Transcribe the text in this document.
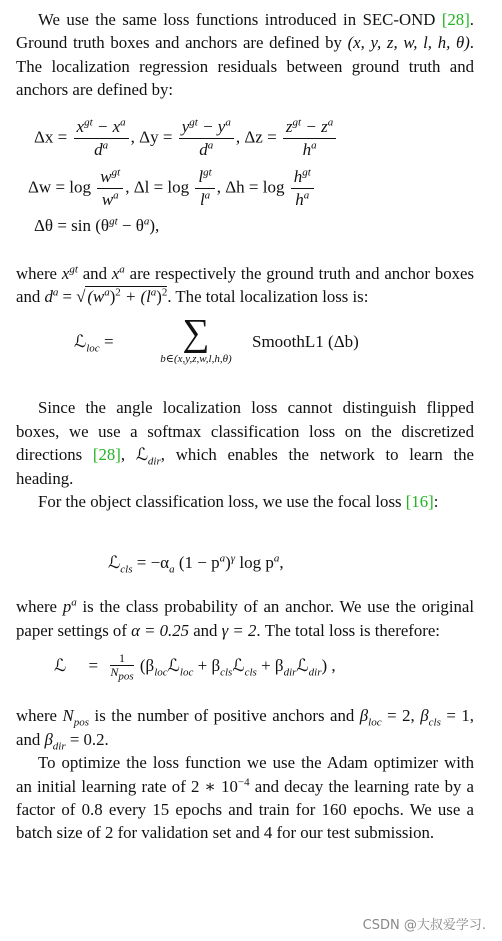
We use the same loss functions introduced in SEC-OND [28]. Ground truth boxes and anchors are defined by (x, y, z, w, l, h, θ). The localization regression residuals between ground truth and anchors are defined by:

$\Delta x = \frac{x^{gt} - x^a}{d^a}$ , $\Delta y = \frac{y^{gt} - y^a}{d^a}$ , $\Delta z = \frac{z^{gt} - z^a}{h^a}$
$\Delta w = \log \frac{w^{gt}}{w^a}$ , $\Delta l = \log \frac{l^{gt}}{l^a}$ , $\Delta h = \log \frac{h^{gt}}{h^a}$
$\Delta\theta = \sin (\theta^{gt} - \theta^a)$,

where $x^{gt}$ and $x^a$ are respectively the ground truth and anchor boxes and $d^a$ = √ $(w^a)^2 + (l^a)^2$. The total localization loss is:

ℒ$_{loc}$ =	∑
b∈(x,y,z,w,l,h,θ)
SmoothL1 (Δb)

Since the angle localization loss cannot distinguish flipped boxes, we use a softmax classification loss on the discretized directions [28], ℒ$_{dir}$, which enables the network to learn the heading.

For the object classification loss, we use the focal loss [16]:

ℒ$_{cls}$ = $-\alpha_a$ $(1 - p^a)^\gamma$ $\log p^a$,

where $p^a$ is the class probability of an anchor. We use the original paper settings of α = 0.25 and γ = 2. The total loss is therefore:

ℒ = $\frac{1}{N_{pos}}$ ($\beta_{loc}ℒ_{loc}$ + $\beta_{cls}ℒ_{cls}$ + $\beta_{dir}ℒ_{dir}$) ,

where $N_{pos}$ is the number of positive anchors and $\beta_{loc} = 2$, $\beta_{cls} = 1$, and $\beta_{dir} = 0.2$.

To optimize the loss function we use the Adam optimizer with an initial learning rate of 2 ∗ $10^{-4}$ and decay the learning rate by a factor of 0.8 every 15 epochs and train for 160 epochs. We use a batch size of 2 for validation set and 4 for our test submission.

CSDN @大叔爱学习.
